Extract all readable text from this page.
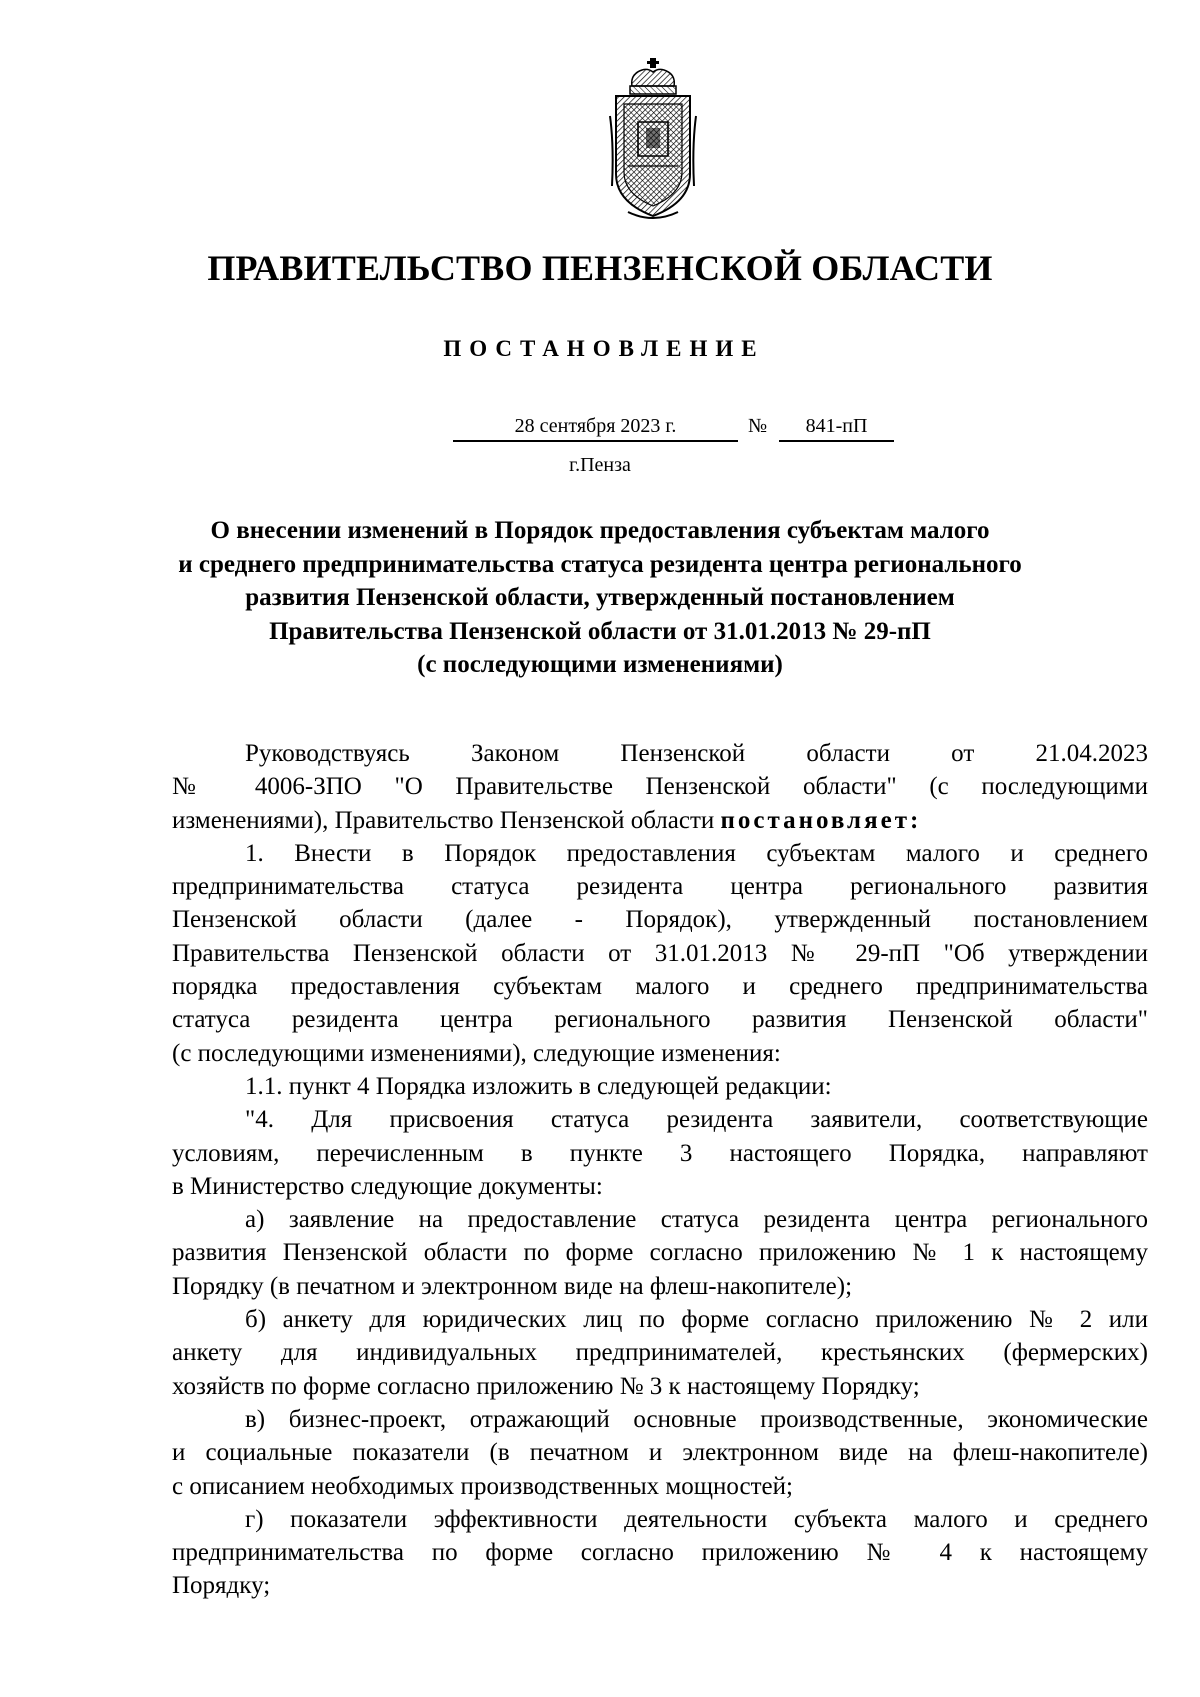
ПРАВИТЕЛЬСТВО ПЕНЗЕНСКОЙ ОБЛАСТИ
ПОСТАНОВЛЕНИЕ
28 сентября 2023 г.	№	841-пП
г.Пенза
О внесении изменений в Порядок предоставления субъектам малого
и среднего предпринимательства статуса резидента центра регионального
развития Пензенской области, утвержденный постановлением
Правительства Пензенской области от 31.01.2013 № 29-пП
(с последующими изменениями)
Руководствуясь Законом Пензенской области от 21.04.2023
№ 4006-ЗПО "О Правительстве Пензенской области" (с последующими
изменениями), Правительство Пензенской области постановляет:
1. Внести в Порядок предоставления субъектам малого и среднего
предпринимательства статуса резидента центра регионального развития
Пензенской области (далее - Порядок), утвержденный постановлением
Правительства Пензенской области от 31.01.2013 № 29-пП "Об утверждении
порядка предоставления субъектам малого и среднего предпринимательства
статуса резидента центра регионального развития Пензенской области"
(с последующими изменениями), следующие изменения:
1.1. пункт 4 Порядка изложить в следующей редакции:
"4. Для присвоения статуса резидента заявители, соответствующие
условиям, перечисленным в пункте 3 настоящего Порядка, направляют
в Министерство следующие документы:
а) заявление на предоставление статуса резидента центра регионального
развития Пензенской области по форме согласно приложению № 1 к настоящему
Порядку (в печатном и электронном виде на флеш-накопителе);
б) анкету для юридических лиц по форме согласно приложению № 2 или
анкету для индивидуальных предпринимателей, крестьянских (фермерских)
хозяйств по форме согласно приложению № 3 к настоящему Порядку;
в) бизнес-проект, отражающий основные производственные, экономические
и социальные показатели (в печатном и электронном виде на флеш-накопителе)
с описанием необходимых производственных мощностей;
г) показатели эффективности деятельности субъекта малого и среднего
предпринимательства по форме согласно приложению № 4 к настоящему
Порядку;
